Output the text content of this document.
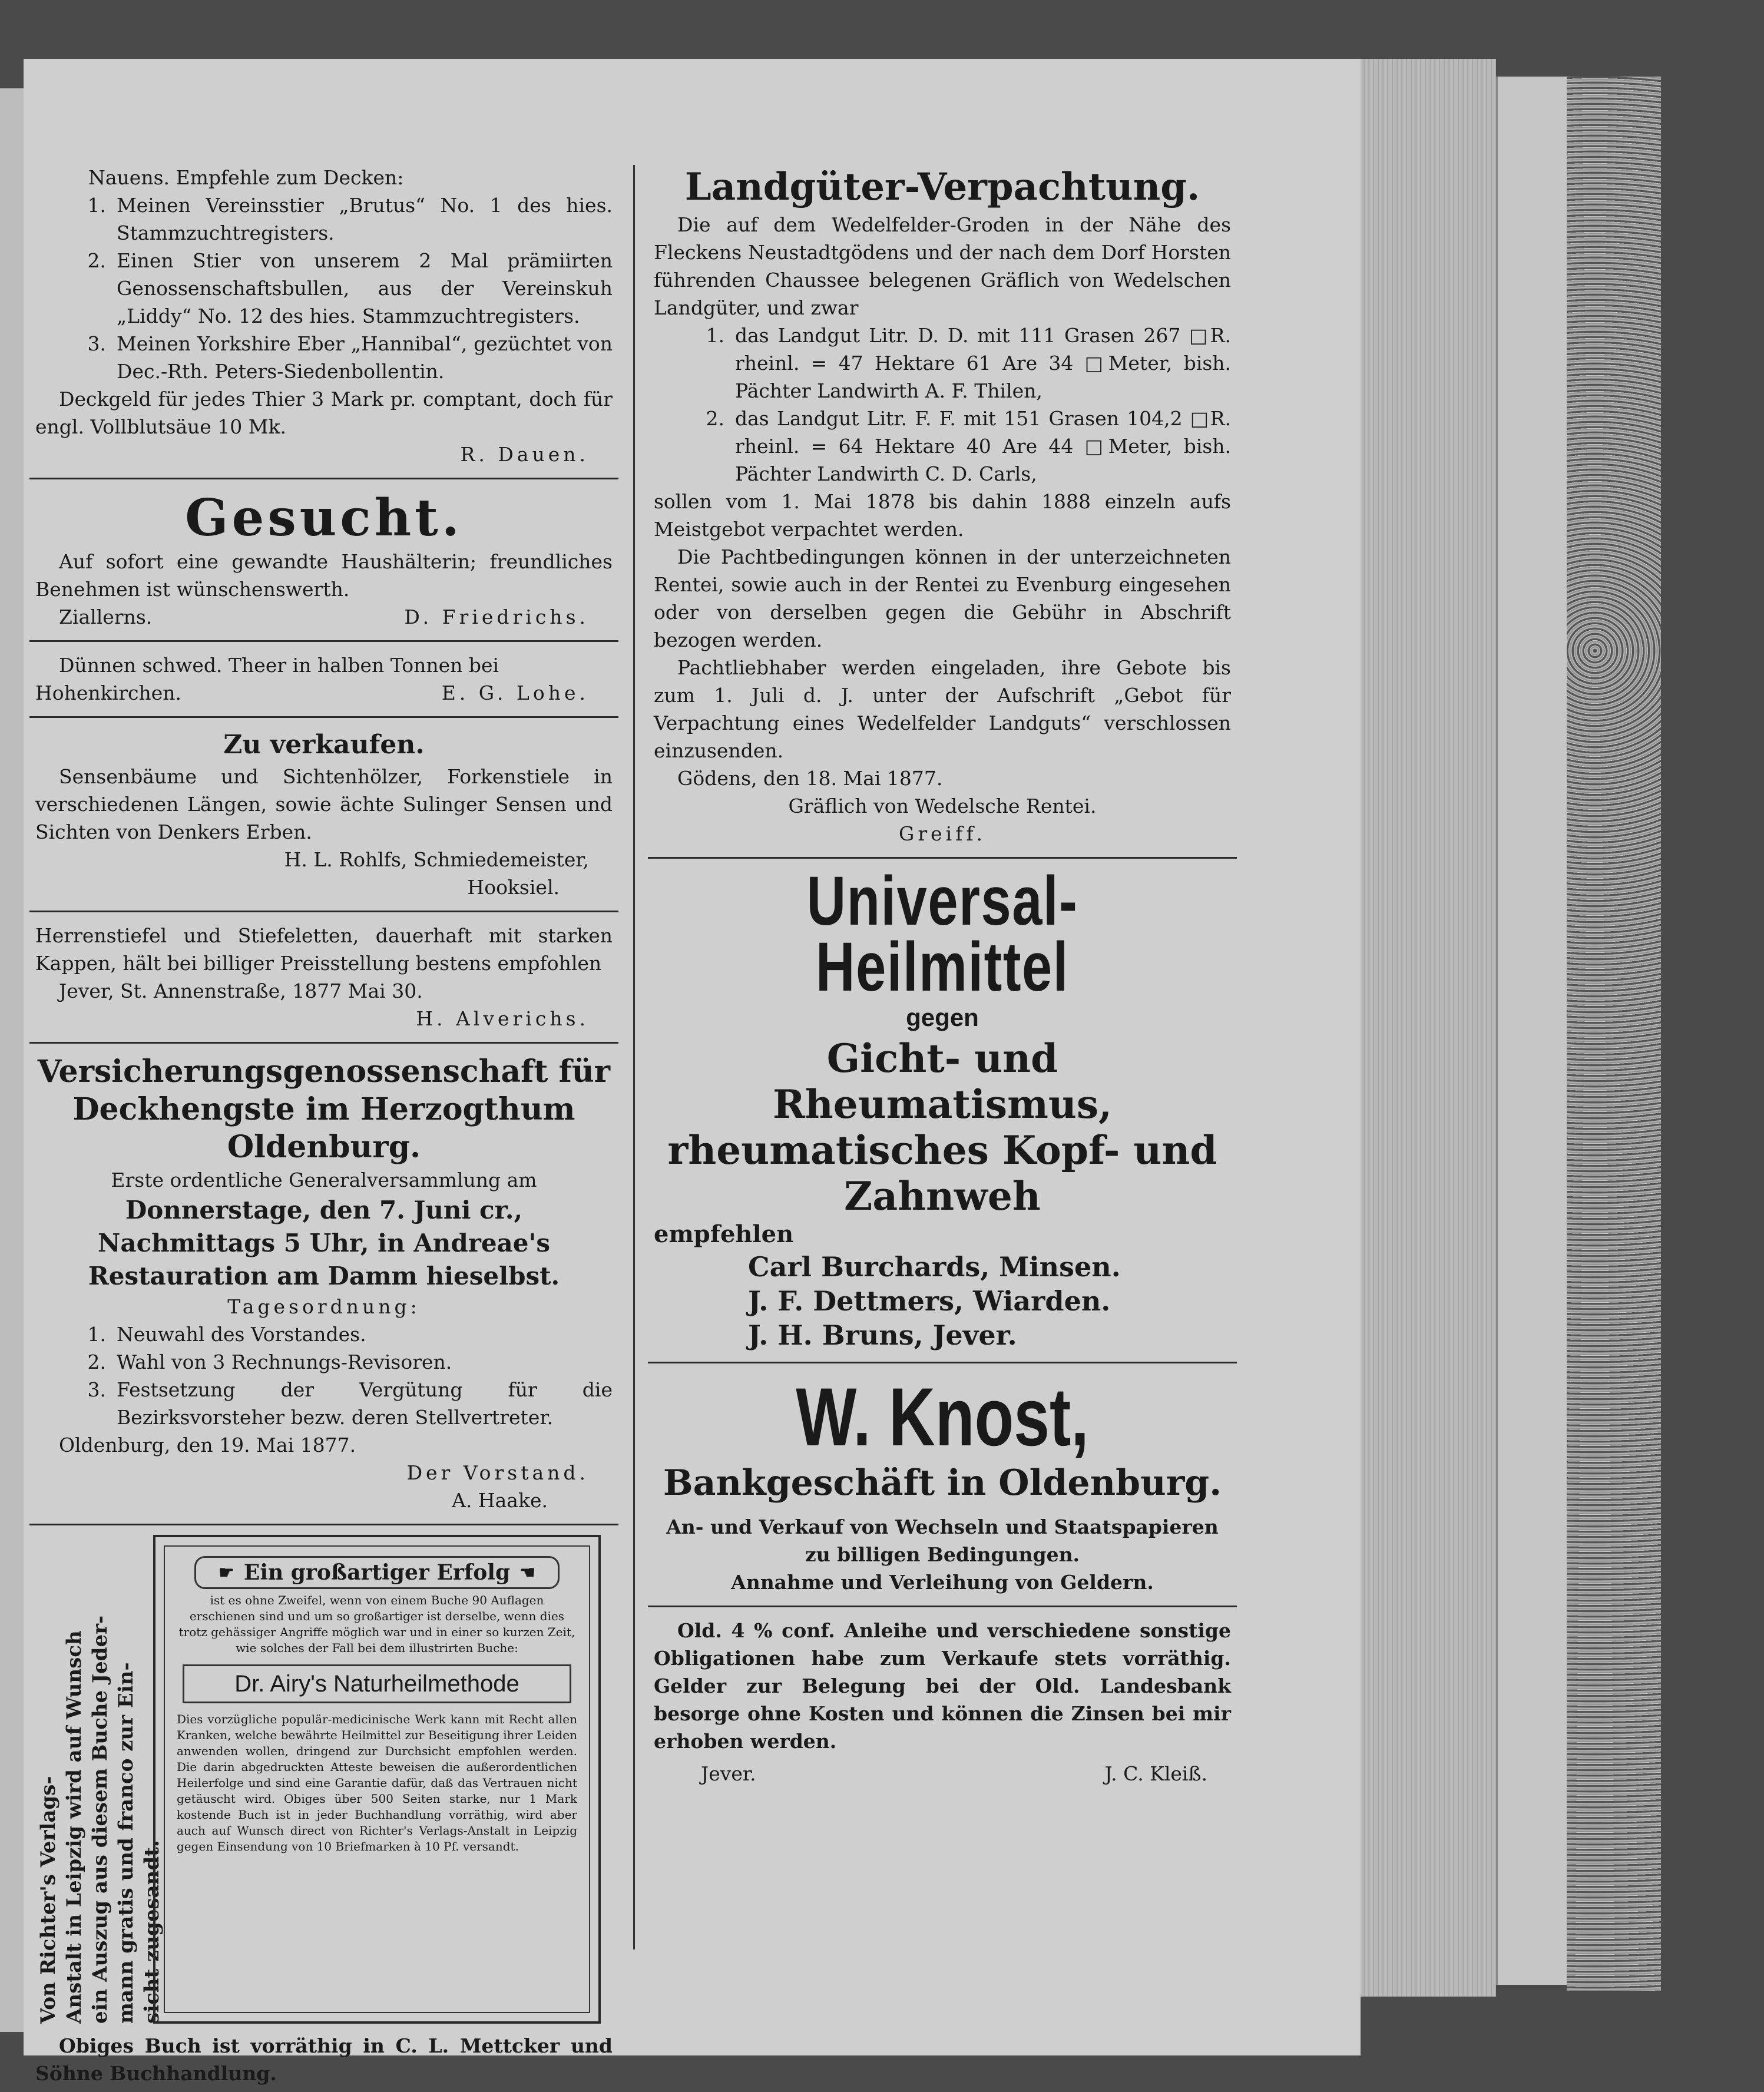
Nauens. Empfehle zum Decken:

1. Meinen Vereinsstier „Brutus“ No. 1 des hies. Stammzuchtregisters.
2. Einen Stier von unserem 2 Mal prämiirten Genossenschaftsbullen, aus der Vereinskuh „Liddy“ No. 12 des hies. Stammzuchtregisters.
3. Meinen Yorkshire Eber „Hannibal“, gezüchtet von Dec.-Rth. Peters-Siedenbollentin.

Deckgeld für jedes Thier 3 Mark pr. comptant, doch für engl. Vollblutsäue 10 Mk.

R. Dauen.

Gesucht.

Auf sofort eine gewandte Haushälterin; freundliches Benehmen ist wünschenswerth.

Ziallerns.	D. Friedrichs.

Dünnen schwed. Theer in halben Tonnen bei

Hohenkirchen.	E. G. Lohe.

Zu verkaufen.

Sensenbäume und Sichtenhölzer, Forkenstiele in verschiedenen Längen, sowie ächte Sulinger Sensen und Sichten von Denkers Erben.

H. L. Rohlfs, Schmiedemeister,

Hooksiel.

Herrenstiefel und Stiefeletten, dauerhaft mit starken Kappen, hält bei billiger Preisstellung bestens empfohlen

Jever, St. Annenstraße, 1877 Mai 30.

H. Alverichs.

Versicherungsgenossenschaft für Deckhengste im Herzogthum Oldenburg.

Erste ordentliche Generalversammlung am

Donnerstage, den 7. Juni cr., Nachmittags 5 Uhr, in Andreae's Restauration am Damm hieselbst.

Tagesordnung:

1. Neuwahl des Vorstandes.
2. Wahl von 3 Rechnungs-Revisoren.
3. Festsetzung der Vergütung für die Bezirksvorsteher bezw. deren Stellvertreter.

Oldenburg, den 19. Mai 1877.

Der Vorstand.

A. Haake.

Von Richter's Verlags- Anstalt in Leipzig wird auf Wunsch ein Auszug aus diesem Buche Jeder- mann gratis und franco zur Ein- sicht zugesandt.
☛ Ein großartiger Erfolg ☚
ist es ohne Zweifel, wenn von einem Buche 90 Auflagen erschienen sind und um so großartiger ist derselbe, wenn dies trotz gehässiger Angriffe möglich war und in einer so kurzen Zeit, wie solches der Fall bei dem illustrirten Buche:
Dr. Airy's Naturheilmethode
Dies vorzügliche populär-medicinische Werk kann mit Recht allen Kranken, welche bewährte Heilmittel zur Beseitigung ihrer Leiden anwenden wollen, dringend zur Durchsicht empfohlen werden. Die darin abgedruckten Atteste beweisen die außerordentlichen Heilerfolge und sind eine Garantie dafür, daß das Vertrauen nicht getäuscht wird. Obiges über 500 Seiten starke, nur 1 Mark kostende Buch ist in jeder Buchhandlung vorräthig, wird aber auch auf Wunsch direct von Richter's Verlags-Anstalt in Leipzig gegen Einsendung von 10 Briefmarken à 10 Pf. versandt.

Obiges Buch ist vorräthig in C. L. Mettcker und Söhne Buchhandlung.

Landgüter-Verpachtung.

Die auf dem Wedelfelder-Groden in der Nähe des Fleckens Neustadtgödens und der nach dem Dorf Horsten führenden Chaussee belegenen Gräflich von Wedelschen Landgüter, und zwar

1. das Landgut Litr. D. D. mit 111 Grasen 267 □R. rheinl. = 47 Hektare 61 Are 34 □Meter, bish. Pächter Landwirth A. F. Thilen,
2. das Landgut Litr. F. F. mit 151 Grasen 104,2 □R. rheinl. = 64 Hektare 40 Are 44 □Meter, bish. Pächter Landwirth C. D. Carls,

sollen vom 1. Mai 1878 bis dahin 1888 einzeln aufs Meistgebot verpachtet werden.

Die Pachtbedingungen können in der unterzeichneten Rentei, sowie auch in der Rentei zu Evenburg eingesehen oder von derselben gegen die Gebühr in Abschrift bezogen werden.

Pachtliebhaber werden eingeladen, ihre Gebote bis zum 1. Juli d. J. unter der Aufschrift „Gebot für Verpachtung eines Wedelfelder Landguts“ verschlossen einzusenden.

Gödens, den 18. Mai 1877.

Gräflich von Wedelsche Rentei.

Greiff.

Universal-Heilmittel
gegen
Gicht- und Rheumatismus, rheumatisches Kopf- und Zahnweh

empfehlen

Carl Burchards, Minsen.
J. F. Dettmers, Wiarden.
J. H. Bruns, Jever.
W. Knost,
Bankgeschäft in Oldenburg.

An- und Verkauf von Wechseln und Staatspapieren zu billigen Bedingungen.

Annahme und Verleihung von Geldern.

Old. 4 % conf. Anleihe und verschiedene sonstige Obligationen habe zum Verkaufe stets vorräthig. Gelder zur Belegung bei der Old. Landesbank besorge ohne Kosten und können die Zinsen bei mir erhoben werden.

Jever.	J. C. Kleiß.
